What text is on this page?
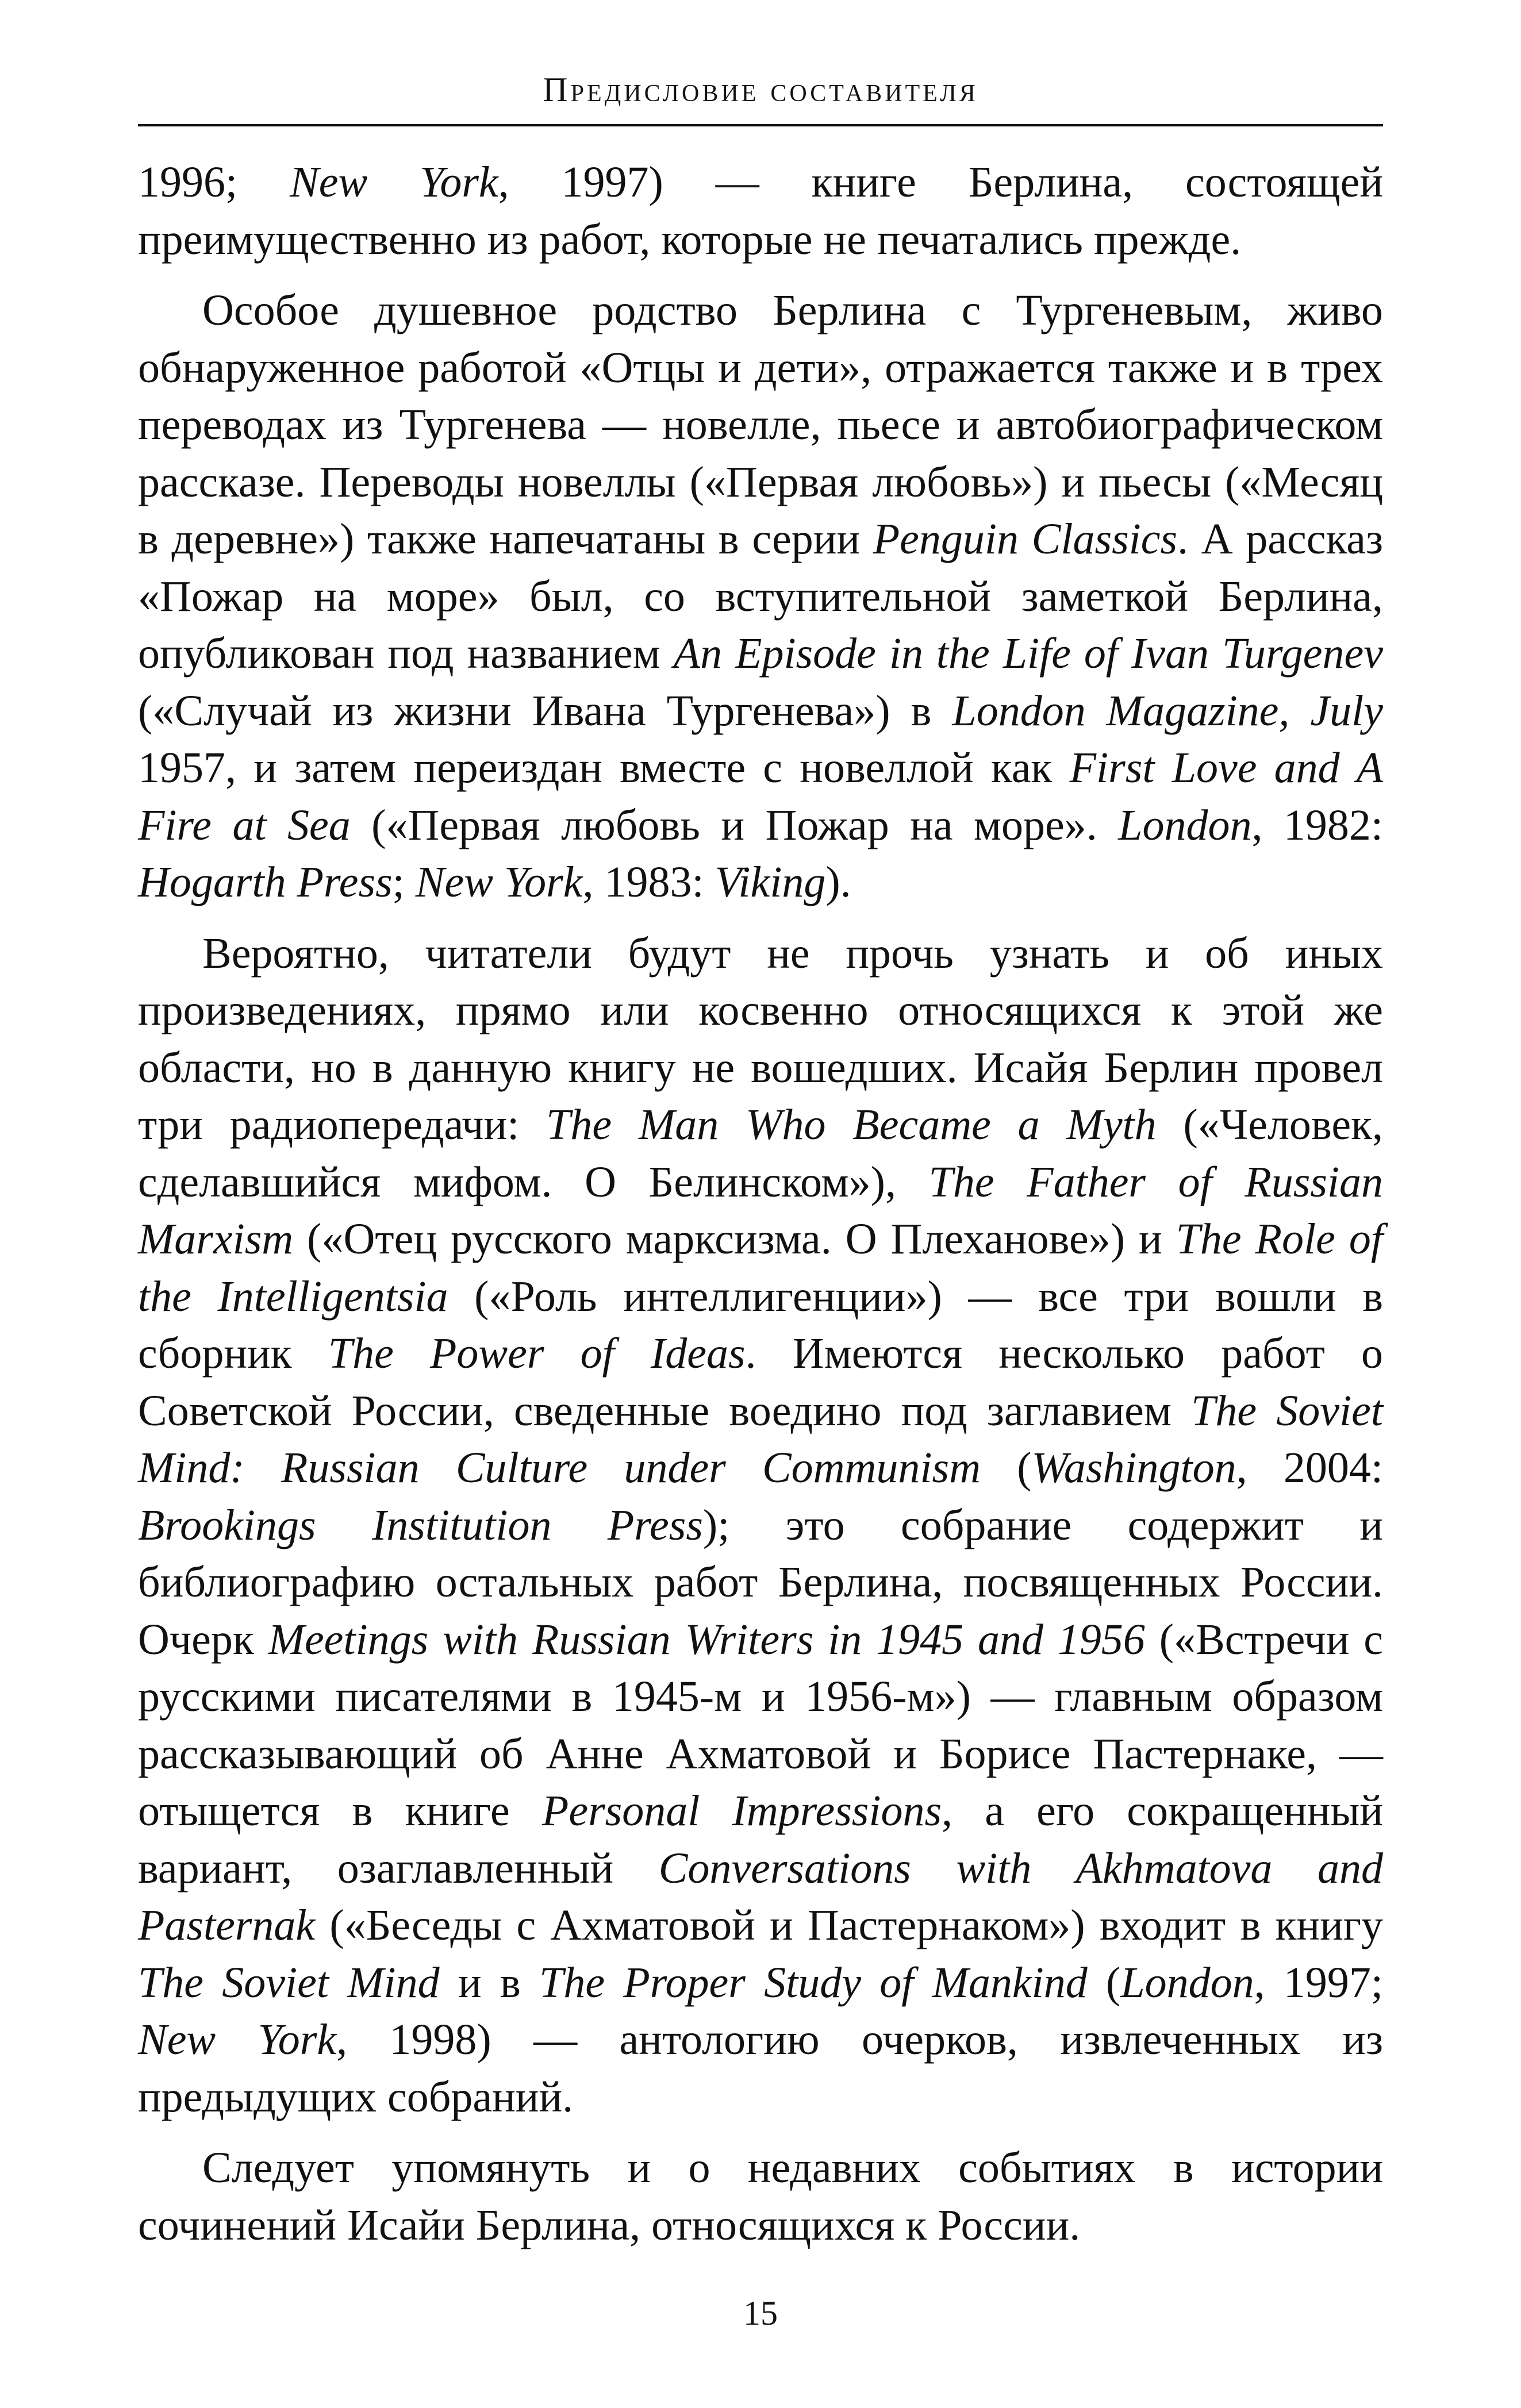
Предисловие составителя

1996; New York, 1997) — книге Берлина, состоящей преимущественно из работ, которые не печатались прежде.

Особое душевное родство Берлина с Тургеневым, живо обнаруженное работой «Отцы и дети», отражается также и в трех переводах из Тургенева — новелле, пьесе и автобиографическом рассказе. Переводы новеллы («Первая любовь») и пьесы («Месяц в деревне») также напечатаны в серии Penguin Classics. А рассказ «Пожар на море» был, со вступительной заметкой Берлина, опубликован под названием An Episode in the Life of Ivan Turgenev («Случай из жизни Ивана Тургенева») в London Magazine, July 1957, и затем переиздан вместе с новеллой как First Love and A Fire at Sea («Первая любовь и Пожар на море». London, 1982: Hogarth Press; New York, 1983: Viking).

Вероятно, читатели будут не прочь узнать и об иных произведениях, прямо или косвенно относящихся к этой же области, но в данную книгу не вошедших. Исайя Берлин провел три радиопередачи: The Man Who Became a Myth («Человек, сделавшийся мифом. О Белинском»), The Father of Russian Marxism («Отец русского марксизма. О Плеханове») и The Role of the Intelligentsia («Роль интеллигенции») — все три вошли в сборник The Power of Ideas. Имеются несколько работ о Советской России, сведенные воедино под заглавием The Soviet Mind: Russian Culture under Communism (Washington, 2004: Brookings Institution Press); это собрание содержит и библиографию остальных работ Берлина, посвященных России. Очерк Meetings with Russian Writers in 1945 and 1956 («Встречи с русскими писателями в 1945-м и 1956-м») — главным образом рассказывающий об Анне Ахматовой и Борисе Пастернаке, — отыщется в книге Personal Impressions, а его сокращенный вариант, озаглавленный Conversations with Akhmatova and Pasternak («Беседы с Ахматовой и Пастернаком») входит в книгу The Soviet Mind и в The Proper Study of Mankind (London, 1997; New York, 1998) — антологию очерков, извлеченных из предыдущих собраний.

Следует упомянуть и о недавних событиях в истории сочинений Исайи Берлина, относящихся к России.

15
